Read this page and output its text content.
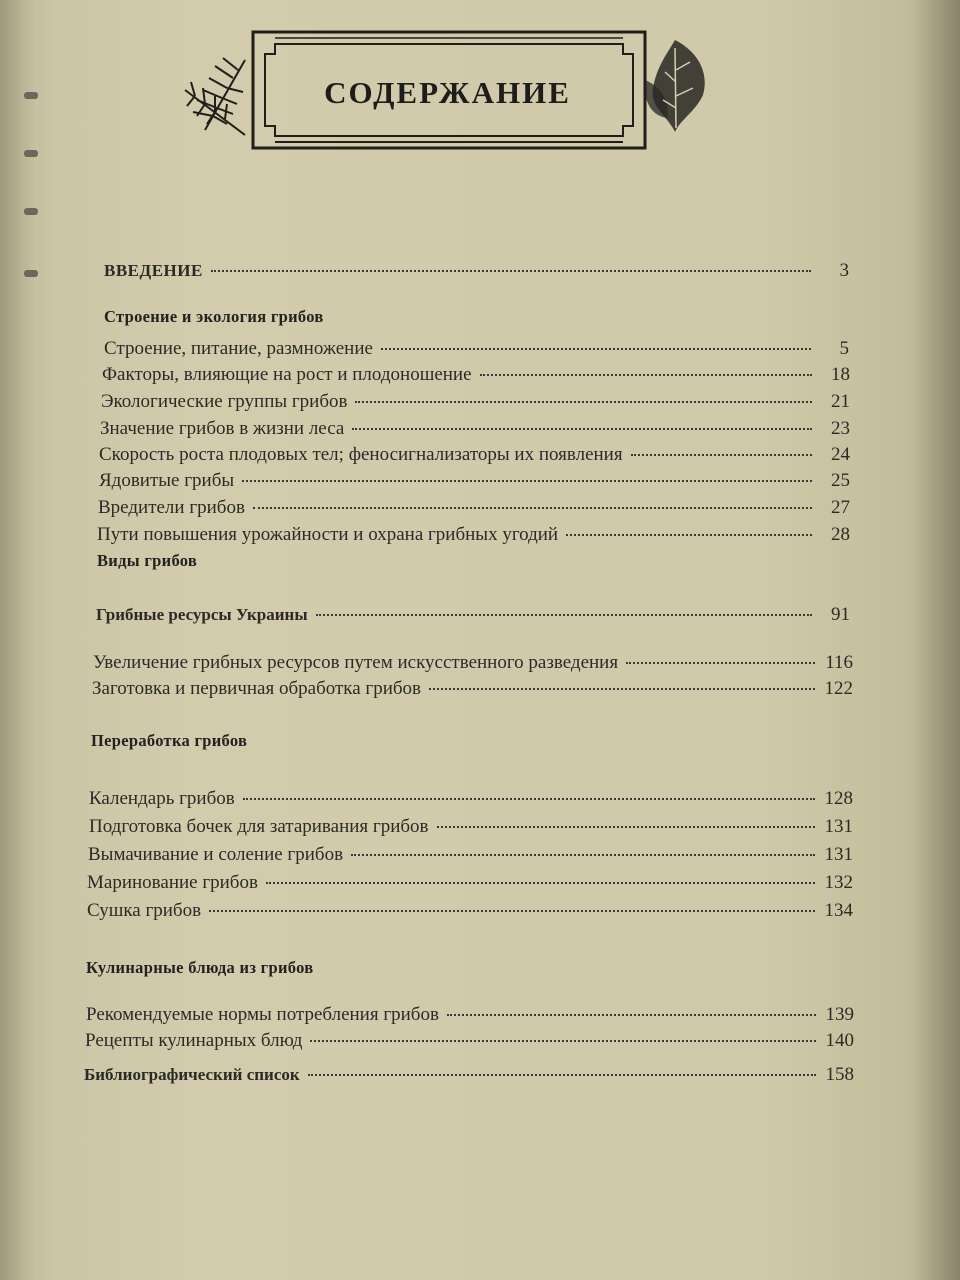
СОДЕРЖАНИЕ
ВВЕДЕНИЕ	3
Строение и экология грибов
Строение, питание, размножение	5
Факторы, влияющие на рост и плодоношение	18
Экологические группы грибов	21
Значение грибов в жизни леса	23
Скорость роста плодовых тел; феносигнализаторы их появления	24
Ядовитые грибы	25
Вредители грибов	27
Пути повышения урожайности и охрана грибных угодий	28
Виды грибов
Грибные ресурсы Украины	91
Увеличение грибных ресурсов путем искусственного разведения	116
Заготовка и первичная обработка грибов	122
Переработка грибов
Календарь грибов	128
Подготовка бочек для затаривания грибов	131
Вымачивание и соление грибов	131
Маринование грибов	132
Сушка грибов	134
Кулинарные блюда из грибов
Рекомендуемые нормы потребления грибов	139
Рецепты кулинарных блюд	140
Библиографический список	158
